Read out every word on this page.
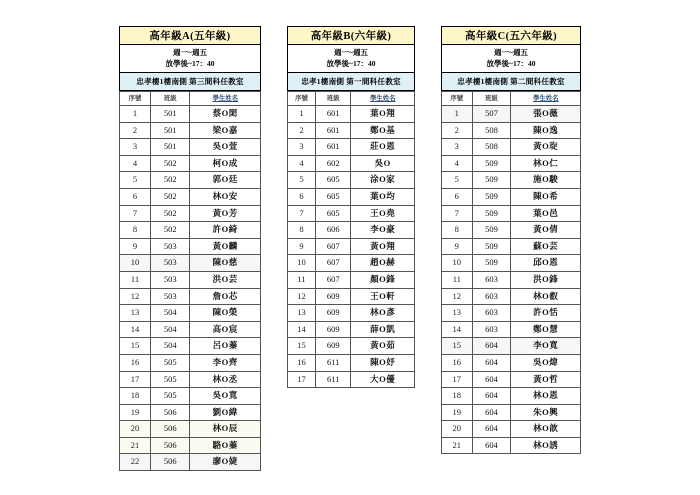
高年級A(五年級)
週一~週五
放學後~17：40
忠孝樓1樓南側 第三間科任教室
序號	班級	學生姓名
1	501	蔡O閎
2	501	梁O嘉
3	501	吳O萱
4	502	柯O成
5	502	郭O廷
6	502	林O安
7	502	黃O芳
8	502	許O綺
9	503	黃O麟
10	503	陳O慈
11	503	洪O芸
12	503	詹O芯
13	504	陳O榮
14	504	高O宸
15	504	呂O蓁
16	505	李O齊
17	505	林O丞
18	505	吳O寬
19	506	劉O緯
20	506	林O辰
21	506	駱O蓁
22	506	廖O婕
高年級B(六年級)
週一~週五
放學後~17：40
忠孝1樓南側 第一間科任教室
序號	班級	學生姓名
1	601	葉O翔
2	601	鄭O基
3	601	莊O恩
4	602	吳O
5	605	涂O家
6	605	葉O均
7	605	王O堯
8	606	李O豪
9	607	黃O翔
10	607	趙O赫
11	607	顏O鋒
12	609	王O軒
13	609	林O彥
14	609	薛O凱
15	609	黃O茹
16	611	陳O妤
17	611	大O優
高年級C(五六年級)
週一~週五
放學後~17：40
忠孝樓1樓南側 第二間科任教室
序號	班級	學生姓名
1	507	張O薇
2	508	陳O逸
3	508	黃O琁
4	509	林O仁
5	509	施O駿
6	509	陳O希
7	509	葉O邑
8	509	黃O倩
9	509	蘇O芸
10	509	邱O恩
11	603	洪O鋒
12	603	林O叡
13	603	許O恬
14	603	鄭O慧
15	604	李O寬
16	604	吳O煒
17	604	黃O哲
18	604	林O恩
19	604	朱O興
20	604	林O歆
21	604	林O誘
